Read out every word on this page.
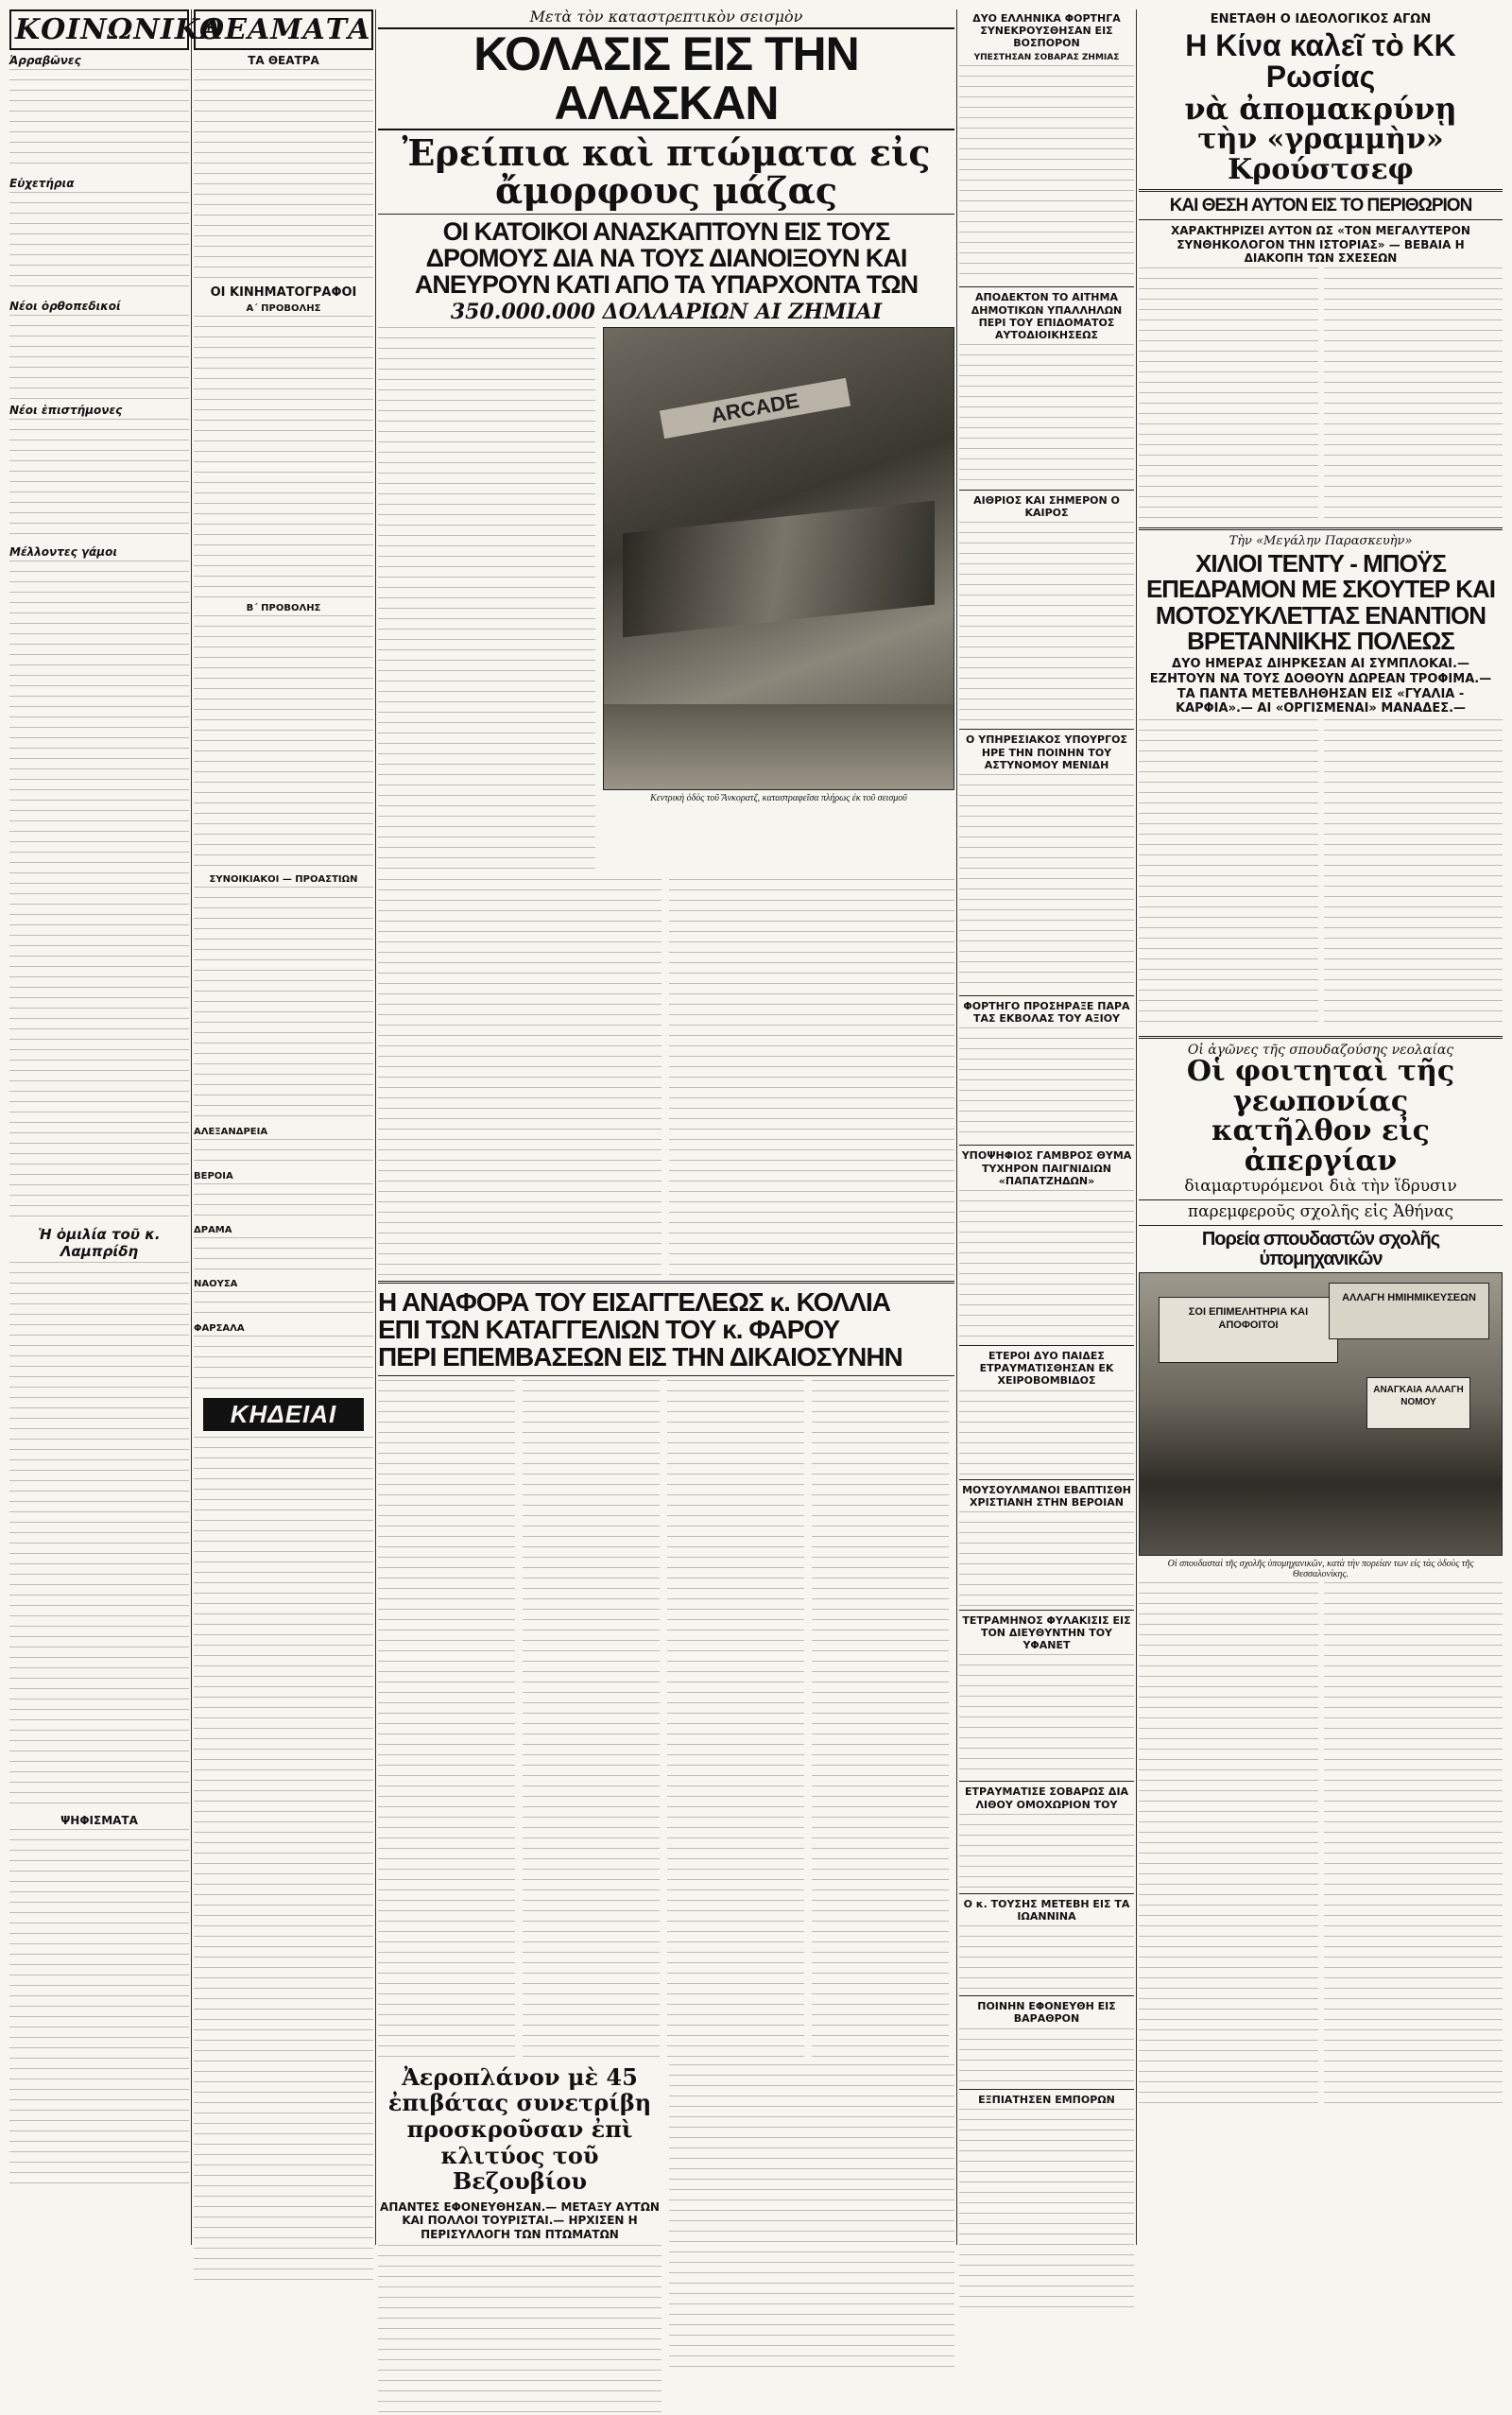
ΚΟΙΝΩΝΙΚΑ
Ἀρραβῶνες
Εὐχετήρια
Νέοι ὀρθοπεδικοί
Νέοι ἐπιστήμονες
Μέλλοντες γάμοι
Ἡ ὁμιλία τοῦ κ. Λαμπρίδη
ΨΗΦΙΣΜΑΤΑ
ΘΕΑΜΑΤΑ
ΤΑ ΘΕΑΤΡΑ
ΟΙ ΚΙΝΗΜΑΤΟΓΡΑΦΟΙ
Α΄ ΠΡΟΒΟΛΗΣ
Β΄ ΠΡΟΒΟΛΗΣ
ΣΥΝΟΙΚΙΑΚΟΙ — ΠΡΟΑΣΤΙΩΝ
ΑΛΕΞΑΝΔΡΕΙΑ
ΒΕΡΟΙΑ
ΔΡΑΜΑ
ΝΑΟΥΣΑ
ΦΑΡΣΑΛΑ
ΚΗΔΕΙΑΙ
Μετὰ τὸν καταστρεπτικὸν σεισμὸν
ΚΟΛΑΣΙΣ ΕΙΣ ΤΗΝ ΑΛΑΣΚΑΝ
Ἐρείπια καὶ πτώματα εἰς ἄμορφους μάζας
ΟΙ ΚΑΤΟΙΚΟΙ ΑΝΑΣΚΑΠΤΟΥΝ ΕΙΣ ΤΟΥΣ ΔΡΟΜΟΥΣ ΔΙΑ ΝΑ ΤΟΥΣ ΔΙΑΝΟΙΞΟΥΝ ΚΑΙ ΑΝΕΥΡΟΥΝ ΚΑΤΙ ΑΠΟ ΤΑ ΥΠΑΡΧΟΝΤΑ ΤΩΝ
350.000.000 ΔΟΛΛΑΡΙΩΝ ΑΙ ΖΗΜΙΑΙ
ARCADE
Κεντρικὴ ὁδὸς τοῦ Ἄνκορατζ, καταστραφεῖσα πλήρως ἐκ τοῦ σεισμοῦ
Η ΑΝΑΦΟΡΑ ΤΟΥ ΕΙΣΑΓΓΕΛΕΩΣ κ. ΚΟΛΛΙΑ
ΕΠΙ ΤΩΝ ΚΑΤΑΓΓΕΛΙΩΝ ΤΟΥ κ. ΦΑΡΟΥ
ΠΕΡΙ ΕΠΕΜΒΑΣΕΩΝ ΕΙΣ ΤΗΝ ΔΙΚΑΙΟΣΥΝΗΝ
Ἀεροπλάνον μὲ 45 ἐπιβάτας συνετρίβη προσκροῦσαν ἐπὶ κλιτύος τοῦ Βεζουβίου
ΑΠΑΝΤΕΣ ΕΦΟΝΕΥΘΗΣΑΝ.— ΜΕΤΑΞΥ ΑΥΤΩΝ ΚΑΙ ΠΟΛΛΟΙ ΤΟΥΡΙΣΤΑΙ.— ΗΡΧΙΣΕΝ Η ΠΕΡΙΣΥΛΛΟΓΗ ΤΩΝ ΠΤΩΜΑΤΩΝ
ΔΥΟ ΕΛΛΗΝΙΚΑ ΦΟΡΤΗΓΑ ΣΥΝΕΚΡΟΥΣΘΗΣΑΝ ΕΙΣ ΒΟΣΠΟΡΟΝ
ΥΠΕΣΤΗΣΑΝ ΣΟΒΑΡΑΣ ΖΗΜΙΑΣ
ΑΠΟΔΕΚΤΟΝ ΤΟ ΑΙΤΗΜΑ ΔΗΜΟΤΙΚΩΝ ΥΠΑΛΛΗΛΩΝ ΠΕΡΙ ΤΟΥ ΕΠΙΔΟΜΑΤΟΣ ΑΥΤΟΔΙΟΙΚΗΣΕΩΣ
ΑΙΘΡΙΟΣ ΚΑΙ ΣΗΜΕΡΟΝ Ο ΚΑΙΡΟΣ
Ο ΥΠΗΡΕΣΙΑΚΟΣ ΥΠΟΥΡΓΟΣ ΗΡΕ ΤΗΝ ΠΟΙΝΗΝ ΤΟΥ ΑΣΤΥΝΟΜΟΥ ΜΕΝΙΔΗ
ΦΟΡΤΗΓΟ ΠΡΟΣΗΡΑΞΕ ΠΑΡΑ ΤΑΣ ΕΚΒΟΛΑΣ ΤΟΥ ΑΞΙΟΥ
ΥΠΟΨΗΦΙΟΣ ΓΑΜΒΡΟΣ ΘΥΜΑ ΤΥΧΗΡΟΝ ΠΑΙΓΝΙΔΙΩΝ «ΠΑΠΑΤΖΗΔΩΝ»
ΕΤΕΡΟΙ ΔΥΟ ΠΑΙΔΕΣ ΕΤΡΑΥΜΑΤΙΣΘΗΣΑΝ ΕΚ ΧΕΙΡΟΒΟΜΒΙΔΟΣ
ΜΟΥΣΟΥΛΜΑΝΟΙ ΕΒΑΠΤΙΣΘΗ ΧΡΙΣΤΙΑΝΗ ΣΤΗΝ ΒΕΡΟΙΑΝ
ΤΕΤΡΑΜΗΝΟΣ ΦΥΛΑΚΙΣΙΣ ΕΙΣ ΤΟΝ ΔΙΕΥΘΥΝΤΗΝ ΤΟΥ ΥΦΑΝΕΤ
ΕΤΡΑΥΜΑΤΙΣΕ ΣΟΒΑΡΩΣ ΔΙΑ ΛΙΘΟΥ ΟΜΟΧΩΡΙΟΝ ΤΟΥ
Ο κ. ΤΟΥΣΗΣ ΜΕΤΕΒΗ ΕΙΣ ΤΑ ΙΩΑΝΝΙΝΑ
ΠΟΙΝΗΝ ΕΦΟΝΕΥΘΗ ΕΙΣ ΒΑΡΑΘΡΟΝ
ΕΞΠΙΑΤΗΣΕΝ ΕΜΠΟΡΩΝ
ΕΝΕΤΑΘΗ Ο ΙΔΕΟΛΟΓΙΚΟΣ ΑΓΩΝ
Η Κίνα καλεῖ τὸ ΚΚ Ρωσίας
νὰ ἀπομακρύνῃ
τὴν «γραμμὴν» Κρούστσεφ
ΚΑΙ ΘΕΣΗ ΑΥΤΟΝ ΕΙΣ ΤΟ ΠΕΡΙΘΩΡΙΟΝ
ΧΑΡΑΚΤΗΡΙΖΕΙ ΑΥΤΟΝ ΩΣ «ΤΟΝ ΜΕΓΑΛΥΤΕΡΟΝ ΣΥΝΘΗΚΟΛΟΓΟΝ ΤΗΝ ΙΣΤΟΡΙΑΣ» — ΒΕΒΑΙΑ Η ΔΙΑΚΟΠΗ ΤΩΝ ΣΧΕΣΕΩΝ
Τὴν «Μεγάλην Παρασκευὴν»
ΧΙΛΙΟΙ ΤΕΝΤΥ - ΜΠΟΫΣ ΕΠΕΔΡΑΜΟΝ ΜΕ ΣΚΟΥΤΕΡ ΚΑΙ ΜΟΤΟΣΥΚΛΕΤΤΑΣ ΕΝΑΝΤΙΟΝ ΒΡΕΤΑΝΝΙΚΗΣ ΠΟΛΕΩΣ
ΔΥΟ ΗΜΕΡΑΣ ΔΙΗΡΚΕΣΑΝ ΑΙ ΣΥΜΠΛΟΚΑΙ.— ΕΖΗΤΟΥΝ ΝΑ ΤΟΥΣ ΔΟΘΟΥΝ ΔΩΡΕΑΝ ΤΡΟΦΙΜΑ.— ΤΑ ΠΑΝΤΑ ΜΕΤΕΒΛΗΘΗΣΑΝ ΕΙΣ «ΓΥΑΛΙΑ - ΚΑΡΦΙΑ».— ΑΙ «ΟΡΓΙΣΜΕΝΑΙ» ΜΑΝΑΔΕΣ.—
Οἱ ἀγῶνες τῆς σπουδαζούσης νεολαίας
Οἱ φοιτηταὶ τῆς γεωπονίας
κατῆλθον εἰς ἀπεργίαν
διαμαρτυρόμενοι διὰ τὴν ἵδρυσιν
παρεμφεροῦς σχολῆς εἰς Ἀθήνας
Πορεία σπουδαστῶν σχολῆς ὑπομηχανικῶν
ΣΟΙ ΕΠΙΜΕΛΗΤΗΡΙΑ ΚΑΙ ΑΠΟΦΟΙΤΟΙ
ΑΛΛΑΓΗ ΗΜΙΗΜΙΚΕΥΣΕΩΝ
ΑΝΑΓΚΑΙΑ ΑΛΛΑΓΗ ΝΟΜΟΥ
Οἱ σπουδασταὶ τῆς σχολῆς ὑπομηχανικῶν, κατὰ τὴν πορείαν των εἰς τὰς ὁδοὺς τῆς Θεσσαλονίκης.
